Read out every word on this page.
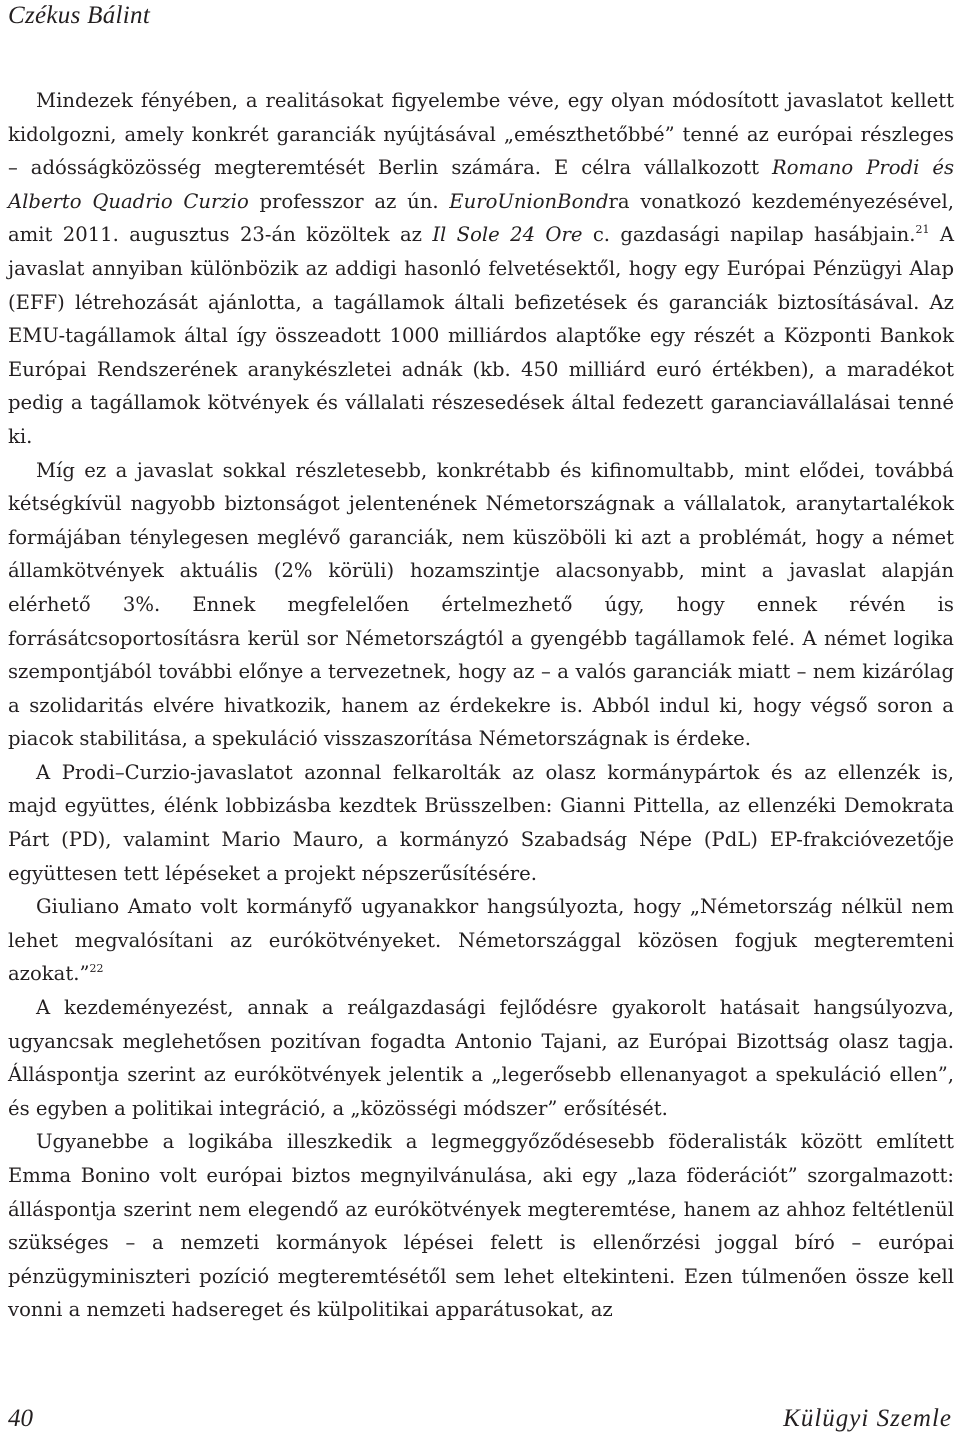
Czékus Bálint

Mindezek fényében, a realitásokat figyelembe véve, egy olyan módosított javaslatot kellett kidolgozni, amely konkrét garanciák nyújtásával „emészthetőbbé” tenné az európai részleges – adósságközösség megteremtését Berlin számára. E célra vállalkozott Romano Prodi és Alberto Quadrio Curzio professzor az ún. EuroUnionBondra vonatkozó kezdeményezésével, amit 2011. augusztus 23-án közöltek az Il Sole 24 Ore c. gazdasági napilap hasábjain.$^{21}$ A javaslat annyiban különbözik az addigi hasonló felvetésektől, hogy egy Európai Pénzügyi Alap (EFF) létrehozását ajánlotta, a tagállamok általi befizetések és garanciák biztosításával. Az EMU-tagállamok által így összeadott 1000 milliárdos alaptőke egy részét a Központi Bankok Európai Rendszerének aranykészletei adnák (kb. 450 milliárd euró értékben), a maradékot pedig a tagállamok kötvények és vállalati részesedések által fedezett garanciavállalásai tenné ki.

Míg ez a javaslat sokkal részletesebb, konkrétabb és kifinomultabb, mint elődei, továbbá kétségkívül nagyobb biztonságot jelentenének Németországnak a vállalatok, aranytartalékok formájában ténylegesen meglévő garanciák, nem küszöböli ki azt a problémát, hogy a német államkötvények aktuális (2% körüli) hozamszintje alacsonyabb, mint a javaslat alapján elérhető 3%. Ennek megfelelően értelmezhető úgy, hogy ennek révén is forrásátcsoportosításra kerül sor Németországtól a gyengébb tagállamok felé. A német logika szempontjából további előnye a tervezetnek, hogy az – a valós garanciák miatt – nem kizárólag a szolidaritás elvére hivatkozik, hanem az érdekekre is. Abból indul ki, hogy végső soron a piacok stabilitása, a spekuláció visszaszorítása Németországnak is érdeke.

A Prodi–Curzio-javaslatot azonnal felkarolták az olasz kormánypártok és az ellenzék is, majd együttes, élénk lobbizásba kezdtek Brüsszelben: Gianni Pittella, az ellenzéki Demokrata Párt (PD), valamint Mario Mauro, a kormányzó Szabadság Népe (PdL) EP-frakcióvezetője együttesen tett lépéseket a projekt népszerűsítésére.

Giuliano Amato volt kormányfő ugyanakkor hangsúlyozta, hogy „Németország nélkül nem lehet megvalósítani az eurókötvényeket. Németországgal közösen fogjuk megteremteni azokat.”$^{22}$

A kezdeményezést, annak a reálgazdasági fejlődésre gyakorolt hatásait hangsúlyozva, ugyancsak meglehetősen pozitívan fogadta Antonio Tajani, az Európai Bizottság olasz tagja. Álláspontja szerint az eurókötvények jelentik a „legerősebb ellenanyagot a spekuláció ellen”, és egyben a politikai integráció, a „közösségi módszer” erősítését.

Ugyanebbe a logikába illeszkedik a legmeggyőződésesebb föderalisták között említett Emma Bonino volt európai biztos megnyilvánulása, aki egy „laza föderációt” szorgalmazott: álláspontja szerint nem elegendő az eurókötvények megteremtése, hanem az ahhoz feltétlenül szükséges – a nemzeti kormányok lépései felett is ellenőrzési joggal bíró – európai pénzügyminiszteri pozíció megteremtésétől sem lehet eltekinteni. Ezen túlmenően össze kell vonni a nemzeti hadsereget és külpolitikai apparátusokat, az

40	Külügyi Szemle
